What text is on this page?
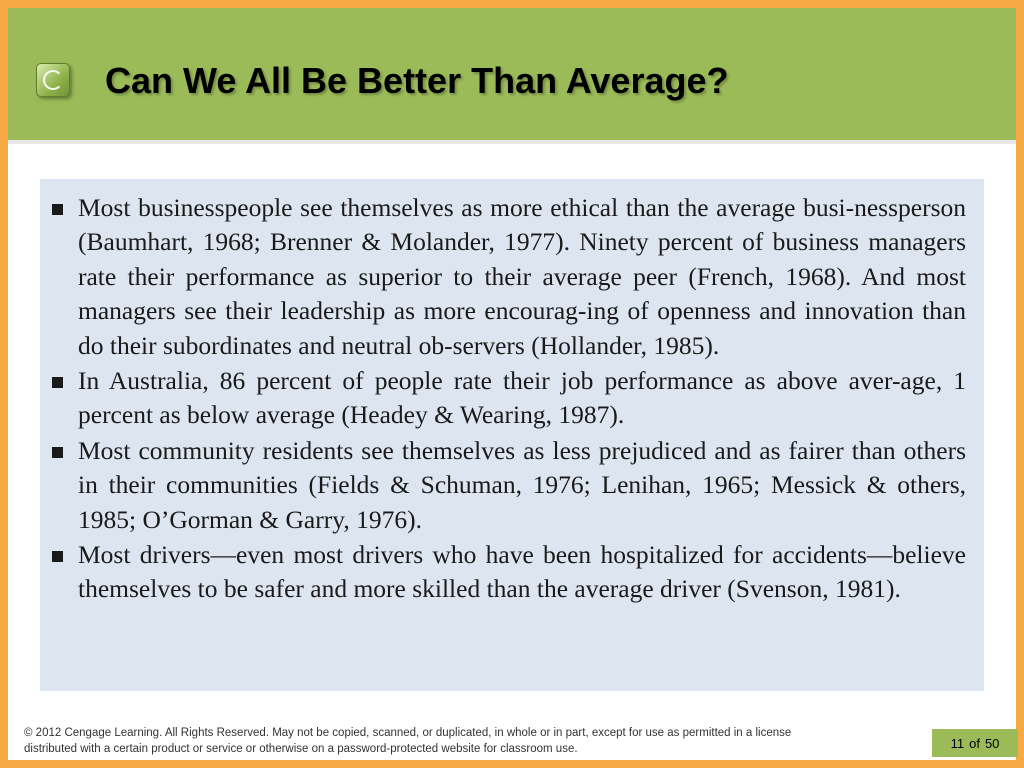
Can We All Be Better Than Average?
Most businesspeople see themselves as more ethical than the average busi-nessperson (Baumhart, 1968; Brenner & Molander, 1977). Ninety percent of business managers rate their performance as superior to their average peer (French, 1968). And most managers see their leadership as more encourag-ing of openness and innovation than do their subordinates and neutral ob-servers (Hollander, 1985).
In Australia, 86 percent of people rate their job performance as above aver-age, 1 percent as below average (Headey & Wearing, 1987).
Most community residents see themselves as less prejudiced and as fairer than others in their communities (Fields & Schuman, 1976; Lenihan, 1965; Messick & others, 1985; O’Gorman & Garry, 1976).
Most drivers—even most drivers who have been hospitalized for accidents—believe themselves to be safer and more skilled than the average driver (Svenson, 1981).
© 2012 Cengage Learning. All Rights Reserved. May not be copied, scanned, or duplicated, in whole or in part, except for use as permitted in a license distributed with a certain product or service or otherwise on a password-protected website for classroom use.	11 of 50
